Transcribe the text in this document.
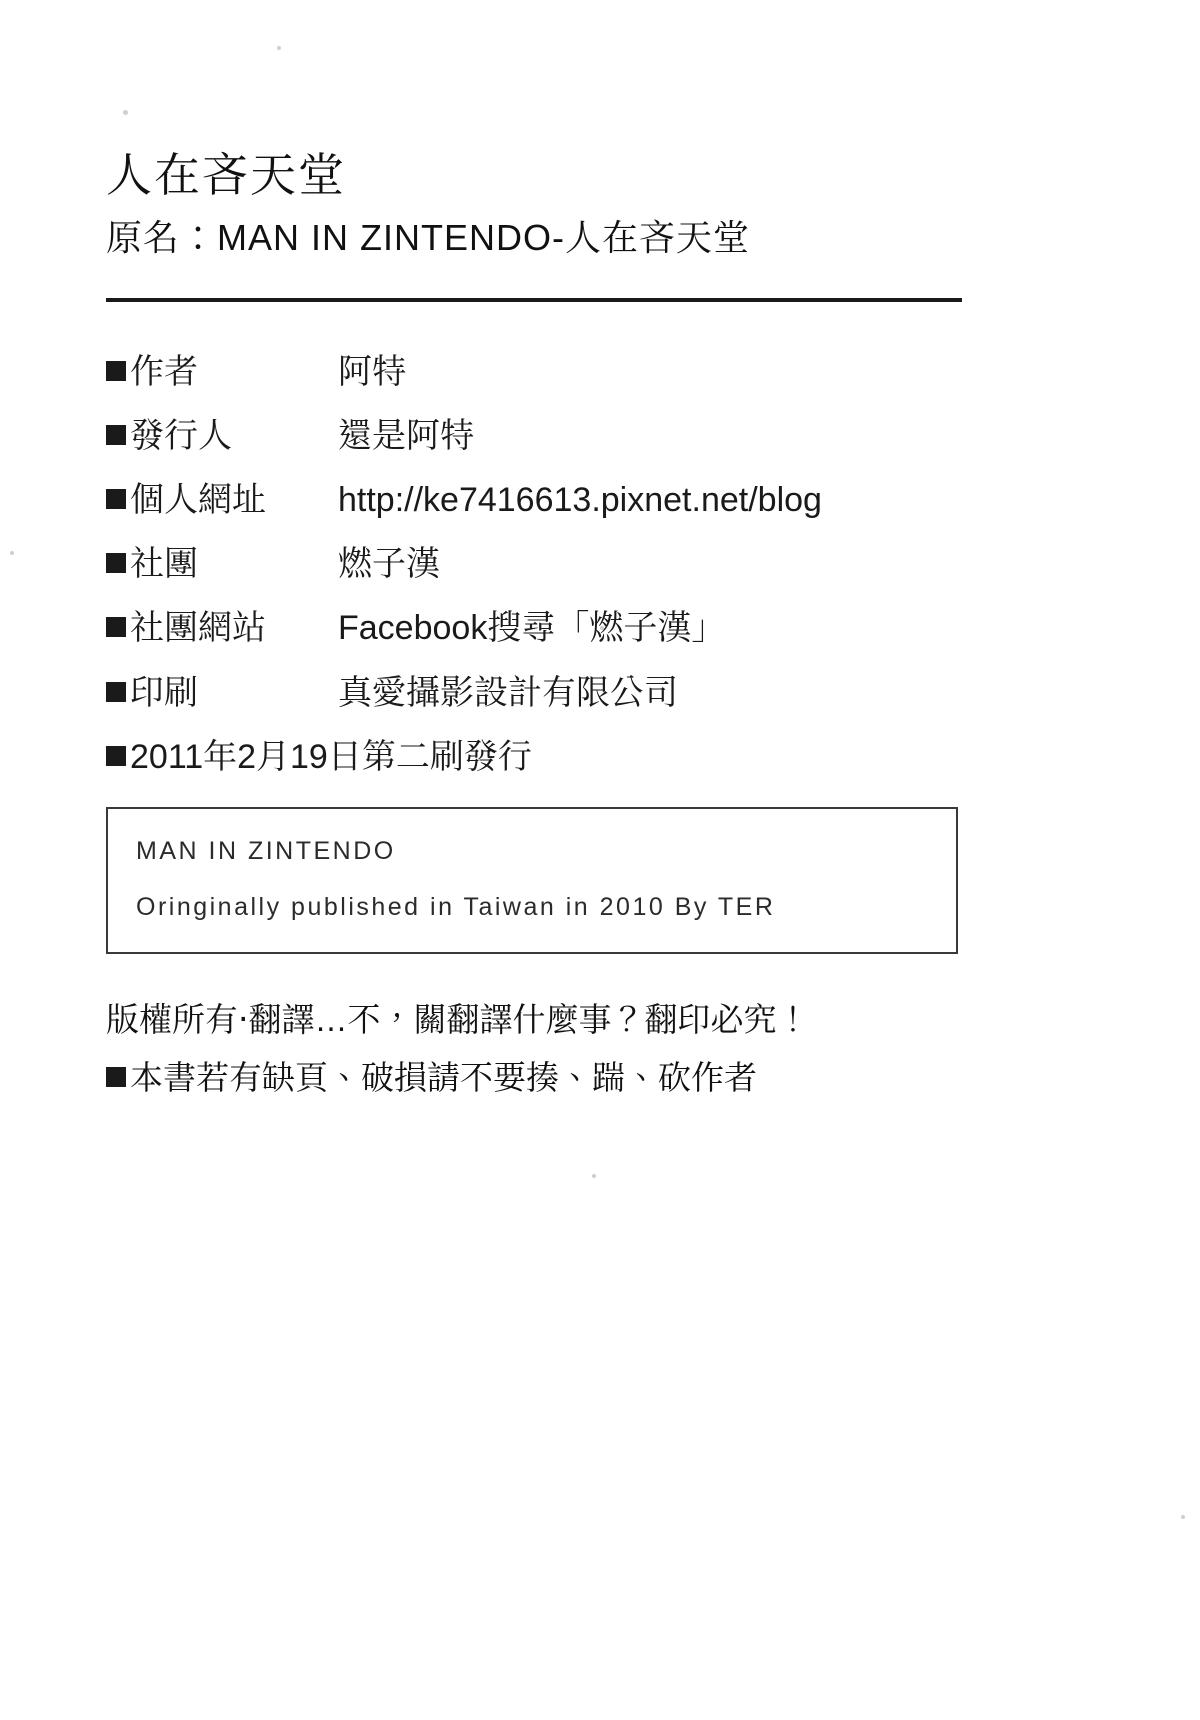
人在吝天堂
原名：MAN IN ZINTENDO-人在吝天堂
作者	阿特
發行人	還是阿特
個人網址	http://ke7416613.pixnet.net/blog
社團	燃子漢
社團網站	Facebook搜尋「燃子漢」
印刷	真愛攝影設計有限公司
2011年2月19日第二刷發行
MAN IN ZINTENDO
Oringinally published in Taiwan in 2010 By TER
版權所有‧翻譯…不，關翻譯什麼事？翻印必究！
本書若有缺頁、破損請不要揍、踹、砍作者
